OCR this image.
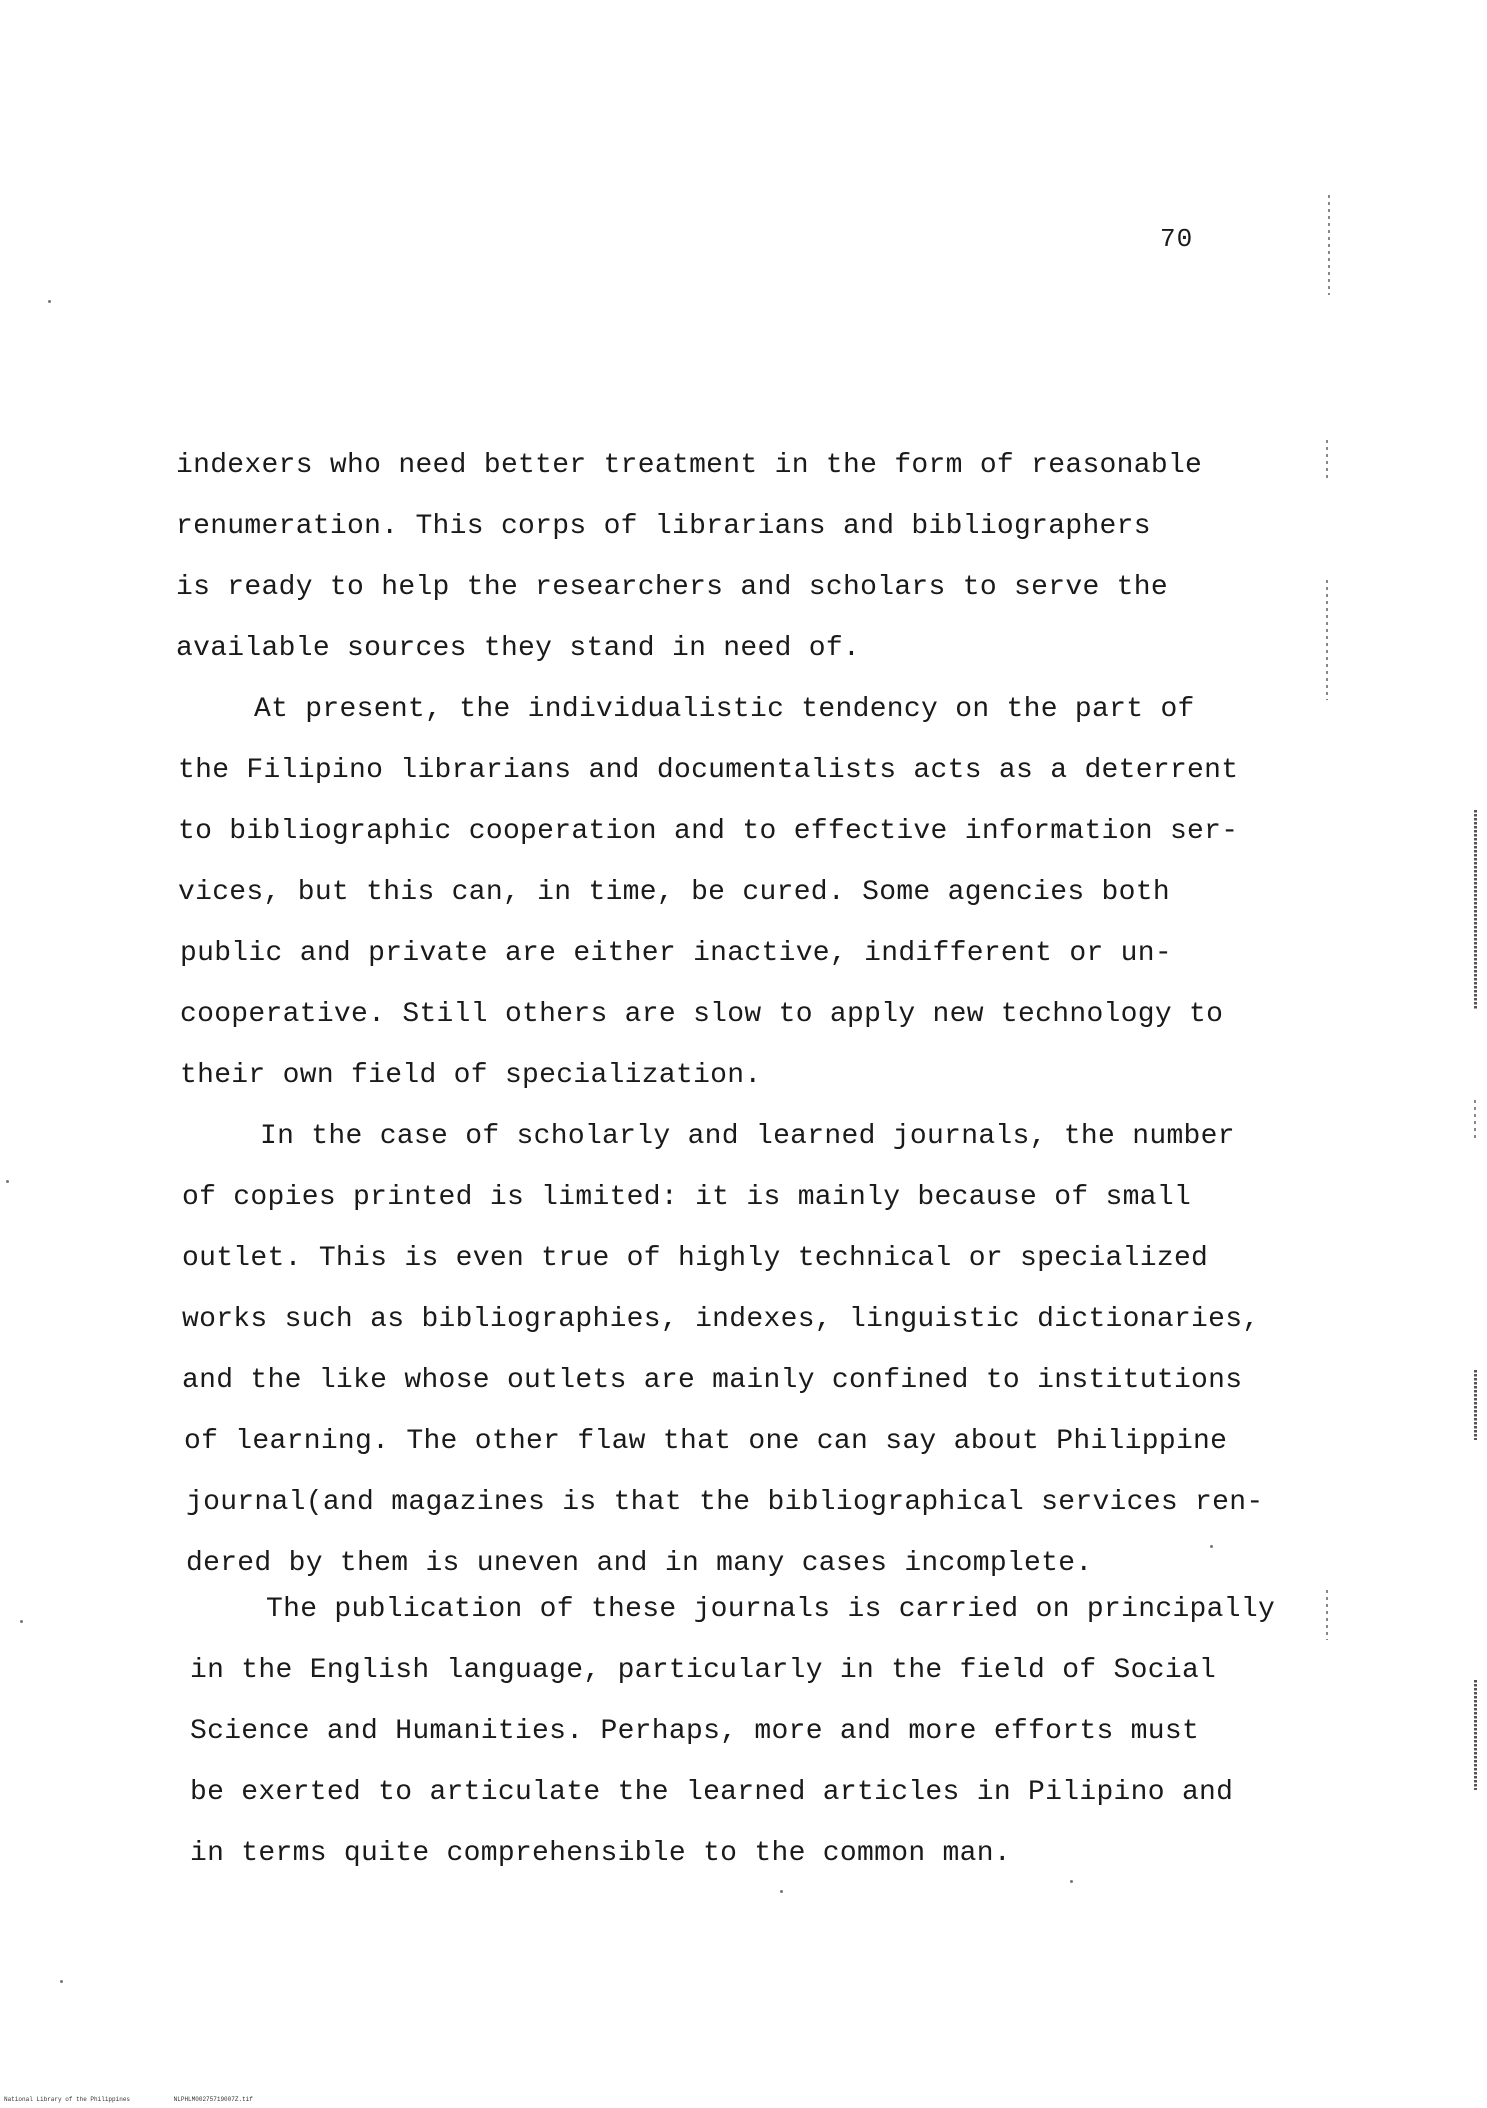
70
indexers who need better treatment in the form of reasonable
renumeration. This corps of librarians and bibliographers
is ready to help the researchers and scholars to serve the
available sources they stand in need of.
At present, the individualistic tendency on the part of
the Filipino librarians and documentalists acts as a deterrent
to bibliographic cooperation and to effective information ser-
vices, but this can, in time, be cured. Some agencies both
public and private are either inactive, indifferent or un-
cooperative. Still others are slow to apply new technology to
their own field of specialization.
In the case of scholarly and learned journals, the number
of copies printed is limited: it is mainly because of small
outlet. This is even true of highly technical or specialized
works such as bibliographies, indexes, linguistic dictionaries,
and the like whose outlets are mainly confined to institutions
of learning. The other flaw that one can say about Philippine
journal(and magazines is that the bibliographical services ren-
dered by them is uneven and in many cases incomplete.
The publication of these journals is carried on principally
in the English language, particularly in the field of Social
Science and Humanities. Perhaps, more and more efforts must
be exerted to articulate the learned articles in Pilipino and
in terms quite comprehensible to the common man.
National Library of the Philippines	NLPHLM00275719007Z.tif
